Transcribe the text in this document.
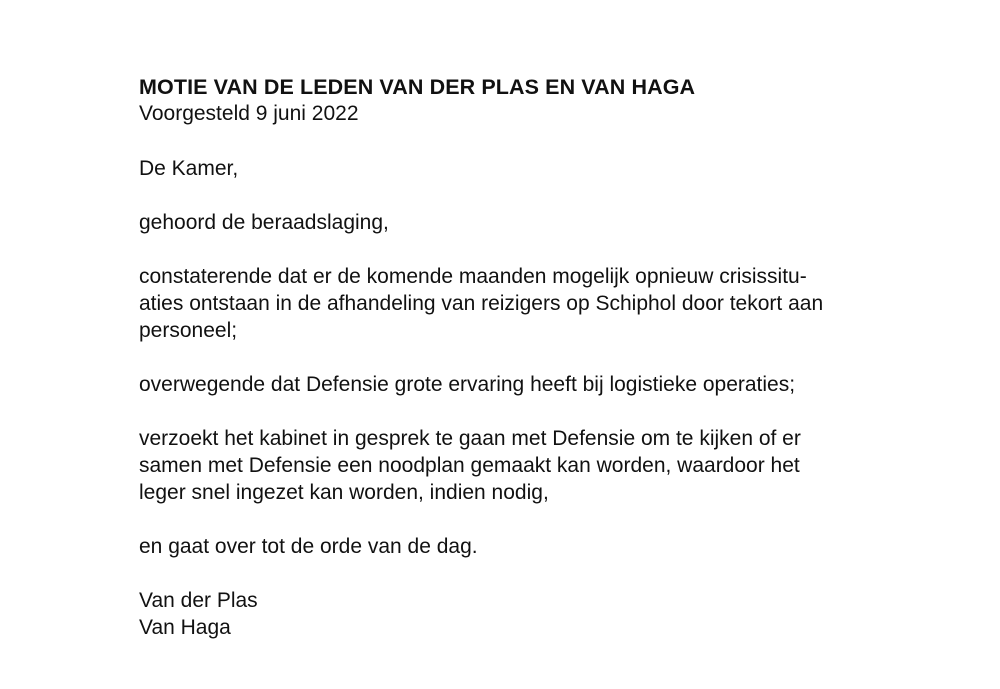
MOTIE VAN DE LEDEN VAN DER PLAS EN VAN HAGA

Voorgesteld 9 juni 2022

De Kamer,

gehoord de beraadslaging,

constaterende dat er de komende maanden mogelijk opnieuw crisissitu-
aties ontstaan in de afhandeling van reizigers op Schiphol door tekort aan
personeel;

overwegende dat Defensie grote ervaring heeft bij logistieke operaties;

verzoekt het kabinet in gesprek te gaan met Defensie om te kijken of er
samen met Defensie een noodplan gemaakt kan worden, waardoor het
leger snel ingezet kan worden, indien nodig,

en gaat over tot de orde van de dag.

Van der Plas
Van Haga
